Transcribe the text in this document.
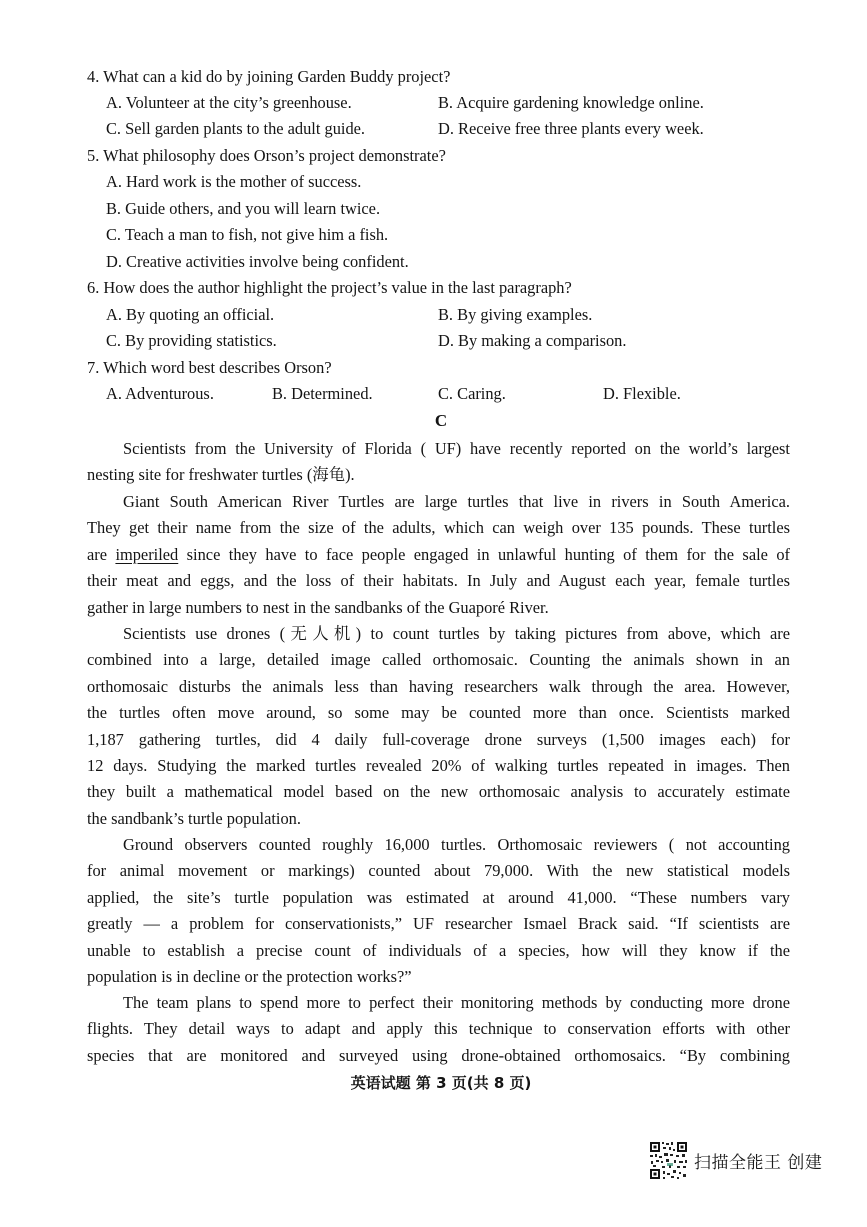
4. What can a kid do by joining Garden Buddy project?
A. Volunteer at the city’s greenhouse.	B. Acquire gardening knowledge online.
C. Sell garden plants to the adult guide.	D. Receive free three plants every week.
5. What philosophy does Orson’s project demonstrate?
A. Hard work is the mother of success.
B. Guide others, and you will learn twice.
C. Teach a man to fish, not give him a fish.
D. Creative activities involve being confident.
6. How does the author highlight the project’s value in the last paragraph?
A. By quoting an official.	B. By giving examples.
C. By providing statistics.	D. By making a comparison.
7. Which word best describes Orson?
A. Adventurous.	B. Determined.	C. Caring.	D. Flexible.
C
Scientists from the University of Florida ( UF) have recently reported on the world’s largest
nesting site for freshwater turtles (海龟).
Giant South American River Turtles are large turtles that live in rivers in South America.
They get their name from the size of the adults, which can weigh over 135 pounds. These turtles
are imperiled since they have to face people engaged in unlawful hunting of them for the sale of
their meat and eggs, and the loss of their habitats. In July and August each year, female turtles
gather in large numbers to nest in the sandbanks of the Guaporé River.
Scientists use drones (无人机) to count turtles by taking pictures from above, which are
combined into a large, detailed image called orthomosaic. Counting the animals shown in an
orthomosaic disturbs the animals less than having researchers walk through the area. However,
the turtles often move around, so some may be counted more than once. Scientists marked
1,187 gathering turtles, did 4 daily full-coverage drone surveys (1,500 images each) for
12 days. Studying the marked turtles revealed 20% of walking turtles repeated in images. Then
they built a mathematical model based on the new orthomosaic analysis to accurately estimate
the sandbank’s turtle population.
Ground observers counted roughly 16,000 turtles. Orthomosaic reviewers ( not accounting
for animal movement or markings) counted about 79,000. With the new statistical models
applied, the site’s turtle population was estimated at around 41,000. “These numbers vary
greatly — a problem for conservationists,” UF researcher Ismael Brack said. “If scientists are
unable to establish a precise count of individuals of a species, how will they know if the
population is in decline or the protection works?”
The team plans to spend more to perfect their monitoring methods by conducting more drone
flights. They detail ways to adapt and apply this technique to conservation efforts with other
species that are monitored and surveyed using drone-obtained orthomosaics. “By combining
英语试题 第 3 页(共 8 页)
扫描全能王 创建
